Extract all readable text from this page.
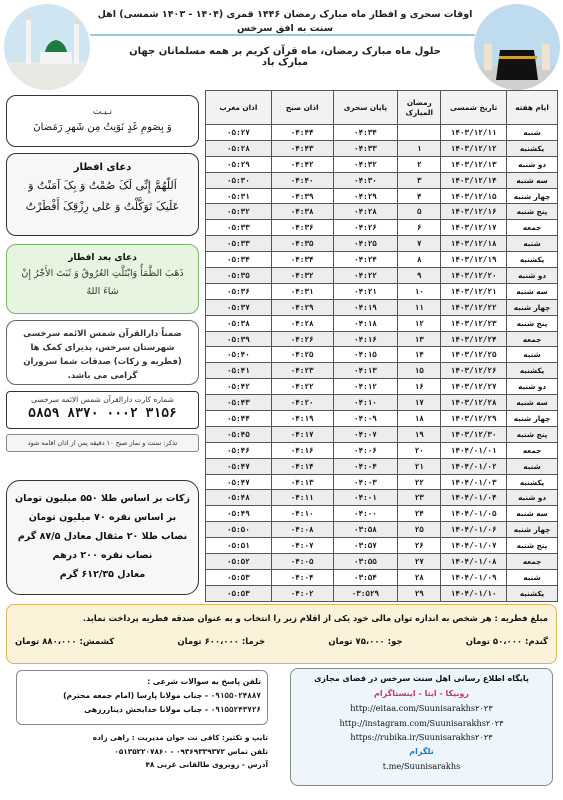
اوقات سحری و افطار ماه مبارک رمضان ۱۴۴۶ قمری (۱۴۰۴ - ۱۴۰۳ شمسی) اهل سنت به افق سرخس
حلول ماه مبارک رمضان، ماه قرآن کریم بر همه مسلمانان جهان مبارک باد
ایام هفته	تاریخ شمسی	رمضان المبارک	پایان سحری	اذان صبح	اذان مغرب
شنبه	۱۴۰۳/۱۲/۱۱		۰۴:۳۴	۰۴:۴۴	۰۵:۲۷
یکشنبه	۱۴۰۳/۱۲/۱۲	۱	۰۴:۳۳	۰۴:۴۳	۰۵:۲۸
دو شنبه	۱۴۰۳/۱۲/۱۳	۲	۰۴:۳۲	۰۴:۴۲	۰۵:۲۹
سه شنبه	۱۴۰۳/۱۲/۱۴	۳	۰۴:۳۰	۰۴:۴۰	۰۵:۳۰
چهار شنبه	۱۴۰۳/۱۲/۱۵	۴	۰۴:۲۹	۰۴:۳۹	۰۵:۳۱
پنج شنبه	۱۴۰۳/۱۲/۱۶	۵	۰۴:۲۸	۰۴:۳۸	۰۵:۳۲
جمعه	۱۴۰۳/۱۲/۱۷	۶	۰۴:۲۶	۰۴:۳۶	۰۵:۳۳
شنبه	۱۴۰۳/۱۲/۱۸	۷	۰۴:۲۵	۰۴:۳۵	۰۵:۳۳
یکشنبه	۱۴۰۳/۱۲/۱۹	۸	۰۴:۲۴	۰۴:۳۴	۰۵:۳۴
دو شنبه	۱۴۰۳/۱۲/۲۰	۹	۰۴:۲۲	۰۴:۳۲	۰۵:۳۵
سه شنبه	۱۴۰۳/۱۲/۲۱	۱۰	۰۴:۲۱	۰۴:۳۱	۰۵:۳۶
چهار شنبه	۱۴۰۳/۱۲/۲۲	۱۱	۰۴:۱۹	۰۴:۲۹	۰۵:۳۷
پنج شنبه	۱۴۰۳/۱۲/۲۳	۱۲	۰۴:۱۸	۰۴:۲۸	۰۵:۳۸
جمعه	۱۴۰۳/۱۲/۲۴	۱۳	۰۴:۱۶	۰۴:۲۶	۰۵:۳۹
شنبه	۱۴۰۳/۱۲/۲۵	۱۴	۰۴:۱۵	۰۴:۲۵	۰۵:۴۰
یکشنبه	۱۴۰۳/۱۲/۲۶	۱۵	۰۴:۱۳	۰۴:۲۳	۰۵:۴۱
دو شنبه	۱۴۰۳/۱۲/۲۷	۱۶	۰۴:۱۲	۰۴:۲۲	۰۵:۴۲
سه شنبه	۱۴۰۳/۱۲/۲۸	۱۷	۰۴:۱۰	۰۴:۲۰	۰۵:۴۳
چهار شنبه	۱۴۰۳/۱۲/۲۹	۱۸	۰۴:۰۹	۰۴:۱۹	۰۵:۴۴
پنج شنبه	۱۴۰۳/۱۲/۳۰	۱۹	۰۴:۰۷	۰۴:۱۷	۰۵:۴۵
جمعه	۱۴۰۴/۰۱/۰۱	۲۰	۰۴:۰۶	۰۴:۱۶	۰۵:۴۶
شنبه	۱۴۰۴/۰۱/۰۲	۲۱	۰۴:۰۴	۰۴:۱۴	۰۵:۴۷
یکشنبه	۱۴۰۴/۰۱/۰۳	۲۲	۰۴:۰۳	۰۴:۱۳	۰۵:۴۷
دو شنبه	۱۴۰۴/۰۱/۰۴	۲۳	۰۴:۰۱	۰۴:۱۱	۰۵:۴۸
سه شنبه	۱۴۰۴/۰۱/۰۵	۲۴	۰۴:۰۰	۰۴:۱۰	۰۵:۴۹
چهار شنبه	۱۴۰۴/۰۱/۰۶	۲۵	۰۳:۵۸	۰۴:۰۸	۰۵:۵۰
پنج شنبه	۱۴۰۴/۰۱/۰۷	۲۶	۰۳:۵۷	۰۴:۰۷	۰۵:۵۱
جمعه	۱۴۰۴/۰۱/۰۸	۲۷	۰۳:۵۵	۰۴:۰۵	۰۵:۵۲
شنبه	۱۴۰۴/۰۱/۰۹	۲۸	۰۳:۵۴	۰۴:۰۴	۰۵:۵۳
یکشنبه	۱۴۰۴/۰۱/۱۰	۲۹	۰۳:۵۲۹	۰۴:۰۲	۰۵:۵۳
نـیـت
وَ بِصَومِ غَدٍ نَوَیتُ مِن شَهرِ رَمَضانَ
دعای افطار
اَللّهُمَّ إِنِّی لَکَ صُمْتُ وَ بِکَ آمَنْتُ وَ
عَلَیکَ تَوَکَّلْتُ وَ عَلی رِزْقِکَ أَفْطَرْتُ
دعای بعد افطار
ذَهَبَ الظَّمَأُ وَابْتَلَّتِ العُرُوقُ وَ ثَبَتَ الأَجْرُ إِنْ
شاءَ اللهُ
ضمناً دارالقرآن شمس الائمه سرخسی شهرستان سرخس، پذیرای کمک ها (فطریه و زکات) صدقات شما سروران گرامی می باشد.
شماره کارت دارالقرآن شمس الائمه سرخسی
۵۸۵۹ ۸۳۷۰ ۰۰۰۲ ۳۱۵۶
تذکر: سنت و نماز صبح ۱۰ دقیقه پس از اذان اقامه شود
زکات بر اساس طلا ۵۵۰ میلیون تومان
بر اساس نقره ۷۰ میلیون تومان
نصاب طلا ۲۰ مثقال معادل ۸۷/۵ گرم
نصاب نقره ۲۰۰ درهم
معادل ۶۱۲/۳۵ گرم
مبلغ فطریه : هر شخص به اندازه توان مالی خود یکی از اقلام زیر را انتخاب و به عنوان صدقه فطریه پرداخت نماید.
گندم: ۵۰،۰۰۰ تومان
جو: ۷۵،۰۰۰ تومان
خرما: ۶۰۰،۰۰۰ تومان
کشمش: ۸۸۰،۰۰۰ تومان
تلفن پاسخ به سوالات شرعی :
۰۹۱۵۵۰۲۴۸۸۷ - جناب مولانا پارسا (امام جمعه محترم)
۰۹۱۵۵۲۴۳۷۲۶ - جناب مولانا خدابخش دیناررزهی
تایپ و تکثیر: کافی نت جوان مدیریت : راهی زاده
تلفن تماس ۰۹۳۶۹۳۳۹۳۷۲ - ۰۵۱۳۵۲۲۰۷۸۶۰
آدرس - روبروی طالقانی غربی ۴۸
پایگاه اطلاع رسانی اهل سنت سرخس در فضای مجازی
روبیکا - ایتا - اینستاگرام
http://eitaa.com/Suunisarakhs۲۰۲۳
http://instagram.com/Suunisarakhs۲۰۲۳
https://rubika.ir/Suunisarakhs۲۰۲۳
تلگرام
t.me/Suunisarakhs
